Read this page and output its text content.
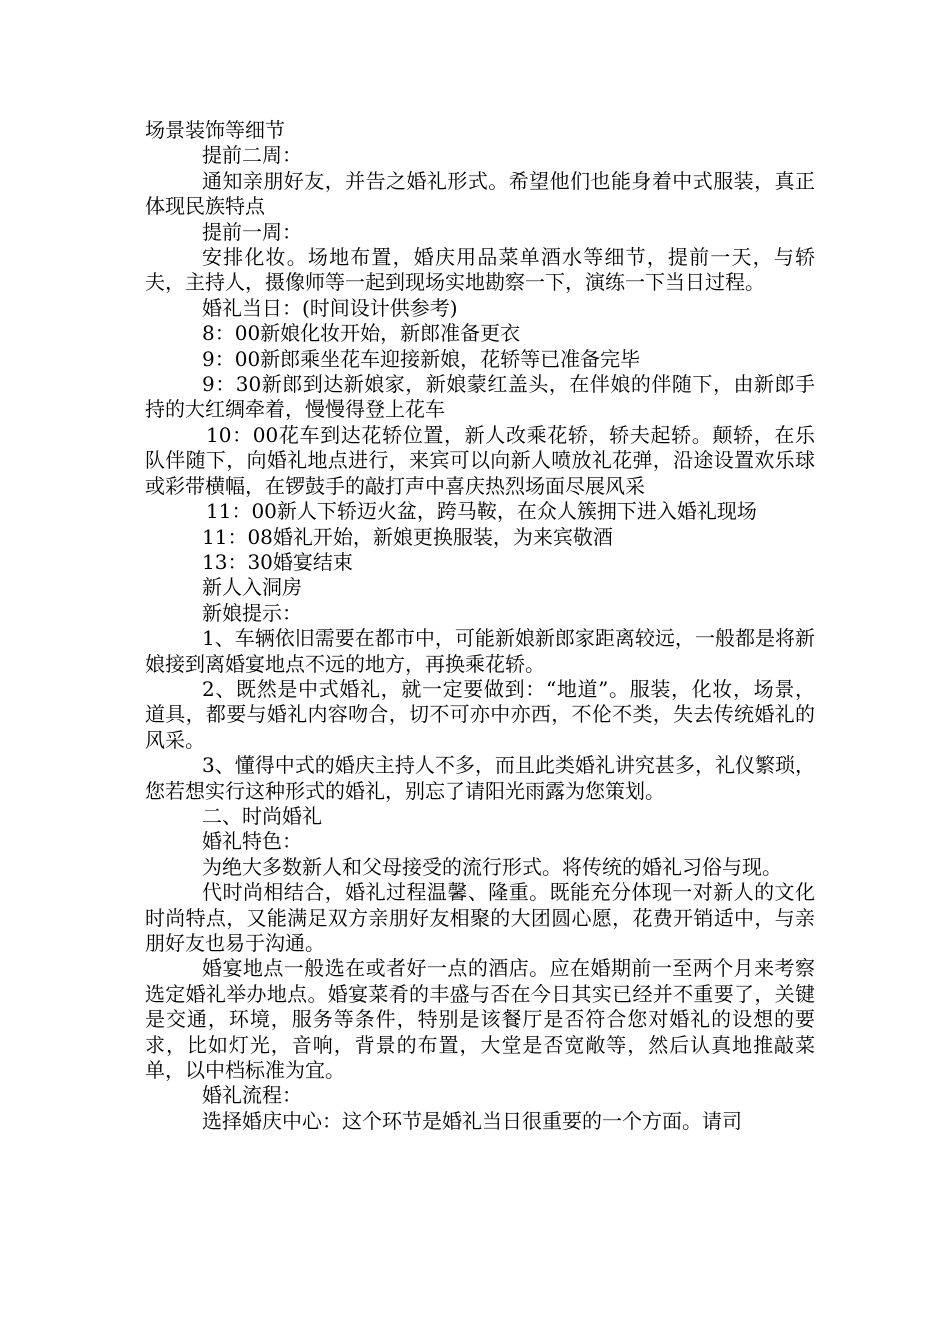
场景装饰等细节

提前二周：

通知亲朋好友，并告之婚礼形式。希望他们也能身着中式服装，真正体现民族特点

提前一周：

安排化妆。场地布置，婚庆用品菜单酒水等细节，提前一天，与轿夫，主持人，摄像师等一起到现场实地勘察一下，演练一下当日过程。

婚礼当日：(时间设计供参考)

8：00新娘化妆开始，新郎准备更衣

9：00新郎乘坐花车迎接新娘，花轿等已准备完毕

9：30新郎到达新娘家，新娘蒙红盖头，在伴娘的伴随下，由新郎手持的大红绸牵着，慢慢得登上花车

10：00花车到达花轿位置，新人改乘花轿，轿夫起轿。颠轿，在乐队伴随下，向婚礼地点进行，来宾可以向新人喷放礼花弹，沿途设置欢乐球或彩带横幅，在锣鼓手的敲打声中喜庆热烈场面尽展风采

11：00新人下轿迈火盆，跨马鞍，在众人簇拥下进入婚礼现场

11：08婚礼开始，新娘更换服装，为来宾敬酒

13：30婚宴结束

新人入洞房

新娘提示：

1、车辆依旧需要在都市中，可能新娘新郎家距离较远，一般都是将新娘接到离婚宴地点不远的地方，再换乘花轿。

2、既然是中式婚礼，就一定要做到：“地道”。服装，化妆，场景，道具，都要与婚礼内容吻合，切不可亦中亦西，不伦不类，失去传统婚礼的风采。

3、懂得中式的婚庆主持人不多，而且此类婚礼讲究甚多，礼仪繁琐，您若想实行这种形式的婚礼，别忘了请阳光雨露为您策划。

二、时尚婚礼

婚礼特色：

为绝大多数新人和父母接受的流行形式。将传统的婚礼习俗与现。

代时尚相结合，婚礼过程温馨、隆重。既能充分体现一对新人的文化时尚特点，又能满足双方亲朋好友相聚的大团圆心愿，花费开销适中，与亲朋好友也易于沟通。

婚宴地点一般选在或者好一点的酒店。应在婚期前一至两个月来考察选定婚礼举办地点。婚宴菜肴的丰盛与否在今日其实已经并不重要了，关键是交通，环境，服务等条件，特别是该餐厅是否符合您对婚礼的设想的要求，比如灯光，音响，背景的布置，大堂是否宽敞等，然后认真地推敲菜单，以中档标准为宜。

婚礼流程：

选择婚庆中心：这个环节是婚礼当日很重要的一个方面。请司
